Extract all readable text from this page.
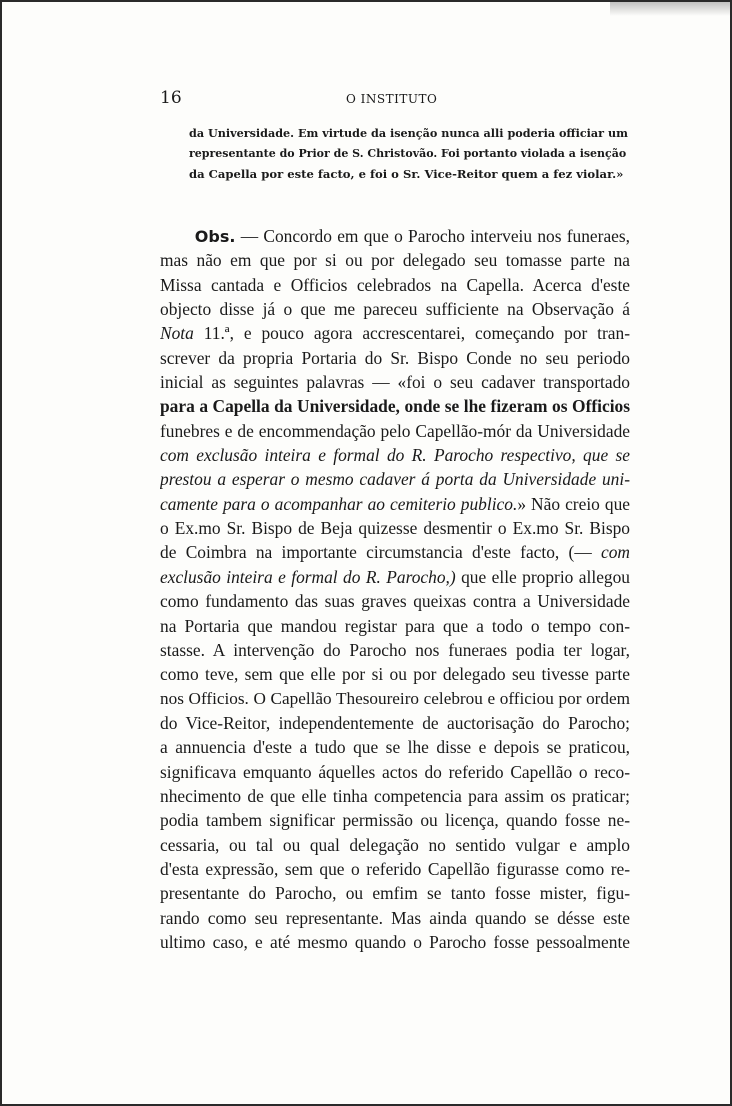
16	O INSTITUTO

da Universidade. Em virtude da isenção nunca alli poderia officiar um

representante do Prior de S. Christovão. Foi portanto violada a isenção

da Capella por este facto, e foi o Sr. Vice-Reitor quem a fez violar.»

  Obs. — Concordo em que o Parocho interveiu nos funeraes,
mas não em que por si ou por delegado seu tomasse parte na
Missa cantada e Officios celebrados na Capella. Acerca d'este
objecto disse já o que me pareceu sufficiente na Observação á
Nota 11.ª, e pouco agora accrescentarei, começando por tran-
screver da propria Portaria do Sr. Bispo Conde no seu periodo
inicial as seguintes palavras — «foi o seu cadaver transportado
para a Capella da Universidade, onde se lhe fizeram os Officios
funebres e de encommendação pelo Capellão-mór da Universidade
com exclusão inteira e formal do R. Parocho respectivo, que se
prestou a esperar o mesmo cadaver á porta da Universidade uni-
camente para o acompanhar ao cemiterio publico.» Não creio que
o Ex.mo Sr. Bispo de Beja quizesse desmentir o Ex.mo Sr. Bispo
de Coimbra na importante circumstancia d'este facto, (— com
exclusão inteira e formal do R. Parocho,) que elle proprio allegou
como fundamento das suas graves queixas contra a Universidade
na Portaria que mandou registar para que a todo o tempo con-
stasse. A intervenção do Parocho nos funeraes podia ter logar,
como teve, sem que elle por si ou por delegado seu tivesse parte
nos Officios. O Capellão Thesoureiro celebrou e officiou por ordem
do Vice-Reitor, independentemente de auctorisação do Parocho;
a annuencia d'este a tudo que se lhe disse e depois se praticou,
significava emquanto áquelles actos do referido Capellão o reco-
nhecimento de que elle tinha competencia para assim os praticar;
podia tambem significar permissão ou licença, quando fosse ne-
cessaria, ou tal ou qual delegação no sentido vulgar e amplo
d'esta expressão, sem que o referido Capellão figurasse como re-
presentante do Parocho, ou emfim se tanto fosse mister, figu-
rando como seu representante. Mas ainda quando se désse este
ultimo caso, e até mesmo quando o Parocho fosse pessoalmente
